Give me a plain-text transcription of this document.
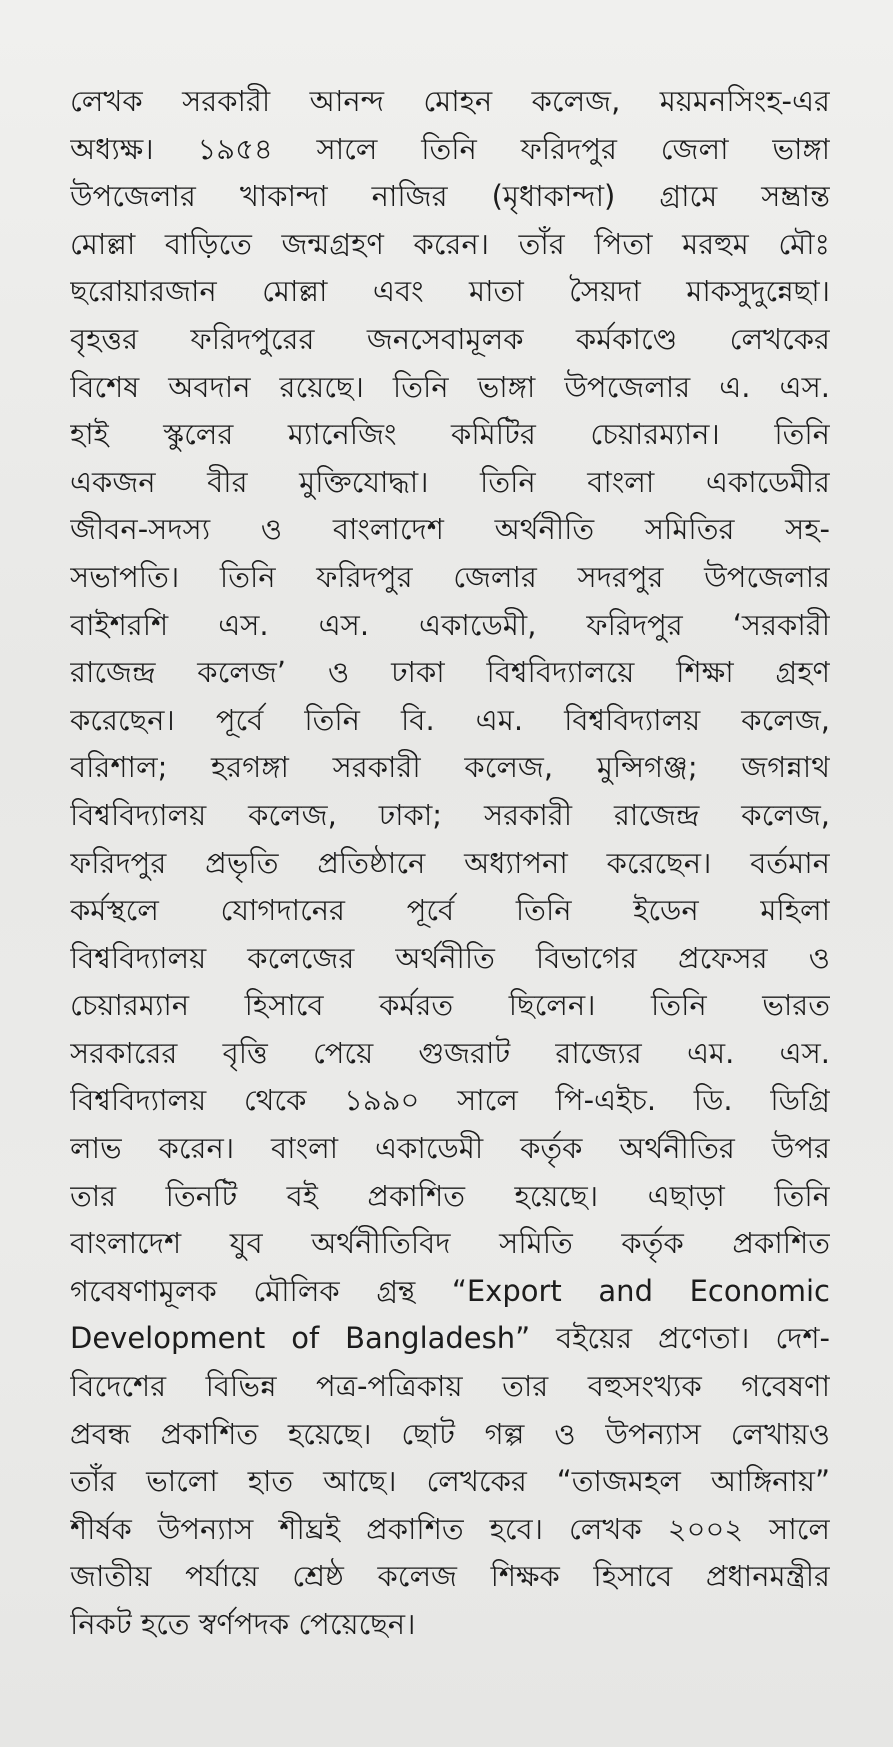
লেখক সরকারী আনন্দ মোহন কলেজ, ময়মনসিংহ-এর
অধ্যক্ষ। ১৯৫৪ সালে তিনি ফরিদপুর জেলা ভাঙ্গা
উপজেলার খাকান্দা নাজির (মৃধাকান্দা) গ্রামে সম্ভ্রান্ত
মোল্লা বাড়িতে জন্মগ্রহণ করেন। তাঁর পিতা মরহুম মৌঃ
ছরোয়ারজান মোল্লা এবং মাতা সৈয়দা মাকসুদুন্নেছা।
বৃহত্তর ফরিদপুরের জনসেবামূলক কর্মকাণ্ডে লেখকের
বিশেষ অবদান রয়েছে। তিনি ভাঙ্গা উপজেলার এ. এস.
হাই স্কুলের ম্যানেজিং কমিটির চেয়ারম্যান। তিনি
একজন বীর মুক্তিযোদ্ধা। তিনি বাংলা একাডেমীর
জীবন-সদস্য ও বাংলাদেশ অর্থনীতি সমিতির সহ-
সভাপতি। তিনি ফরিদপুর জেলার সদরপুর উপজেলার
বাইশরশি এস. এস. একাডেমী, ফরিদপুর ‘সরকারী
রাজেন্দ্র কলেজ’ ও ঢাকা বিশ্ববিদ্যালয়ে শিক্ষা গ্রহণ
করেছেন। পূর্বে তিনি বি. এম. বিশ্ববিদ্যালয় কলেজ,
বরিশাল; হরগঙ্গা সরকারী কলেজ, মুন্সিগঞ্জ; জগন্নাথ
বিশ্ববিদ্যালয় কলেজ, ঢাকা; সরকারী রাজেন্দ্র কলেজ,
ফরিদপুর প্রভৃতি প্রতিষ্ঠানে অধ্যাপনা করেছেন। বর্তমান
কর্মস্থলে যোগদানের পূর্বে তিনি ইডেন মহিলা
বিশ্ববিদ্যালয় কলেজের অর্থনীতি বিভাগের প্রফেসর ও
চেয়ারম্যান হিসাবে কর্মরত ছিলেন। তিনি ভারত
সরকারের বৃত্তি পেয়ে গুজরাট রাজ্যের এম. এস.
বিশ্ববিদ্যালয় থেকে ১৯৯০ সালে পি-এইচ. ডি. ডিগ্রি
লাভ করেন। বাংলা একাডেমী কর্তৃক অর্থনীতির উপর
তার তিনটি বই প্রকাশিত হয়েছে। এছাড়া তিনি
বাংলাদেশ যুব অর্থনীতিবিদ সমিতি কর্তৃক প্রকাশিত
গবেষণামূলক মৌলিক গ্রন্থ “Export and Economic
Development of Bangladesh” বইয়ের প্রণেতা। দেশ-
বিদেশের বিভিন্ন পত্র-পত্রিকায় তার বহুসংখ্যক গবেষণা
প্রবন্ধ প্রকাশিত হয়েছে। ছোট গল্প ও উপন্যাস লেখায়ও
তাঁর ভালো হাত আছে। লেখকের “তাজমহল আঙ্গিনায়”
শীর্ষক উপন্যাস শীঘ্রই প্রকাশিত হবে। লেখক ২০০২ সালে
জাতীয় পর্যায়ে শ্রেষ্ঠ কলেজ শিক্ষক হিসাবে প্রধানমন্ত্রীর
নিকট হতে স্বর্ণপদক পেয়েছেন।
